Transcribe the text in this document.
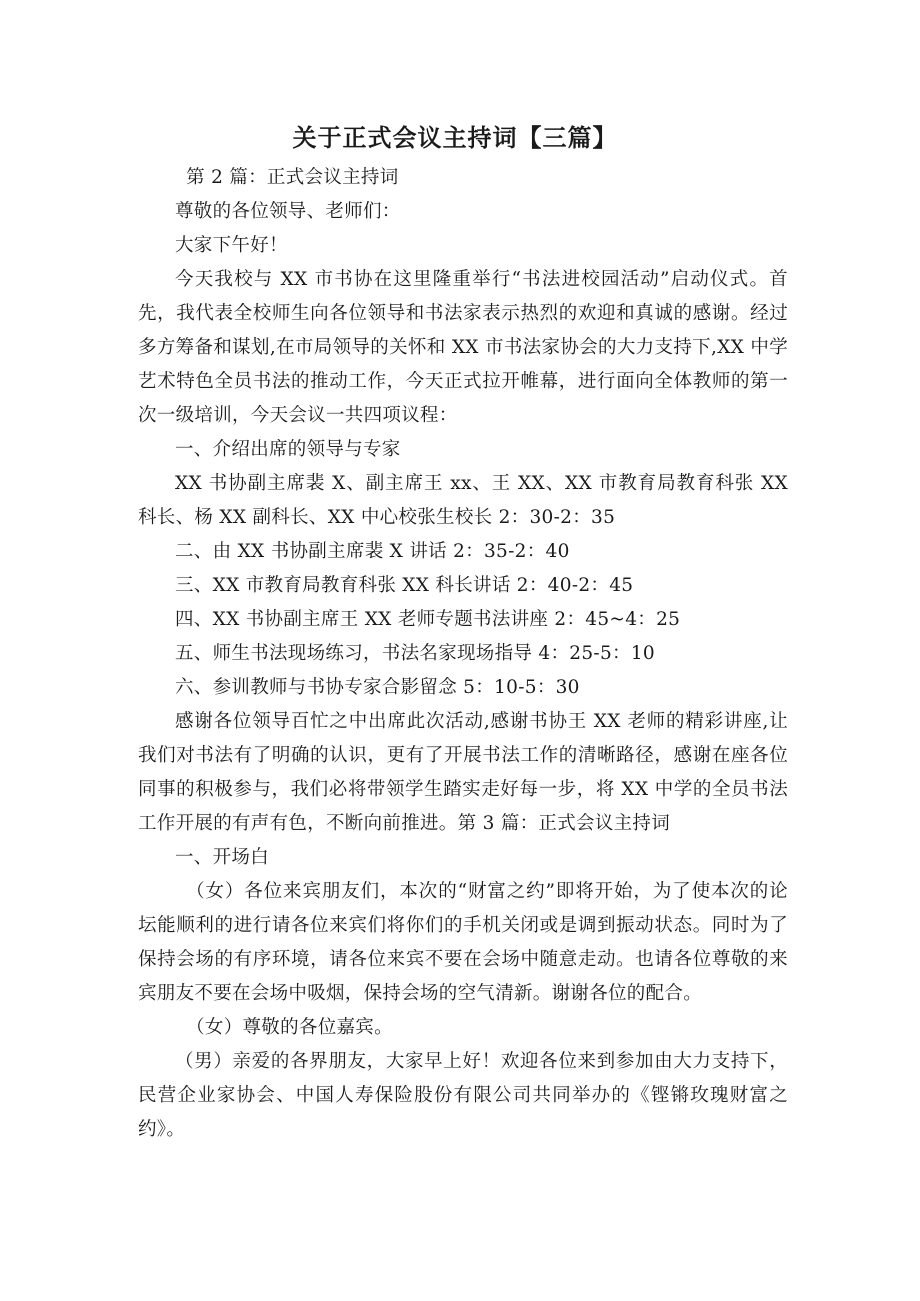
关于正式会议主持词【三篇】

第 2 篇：正式会议主持词

尊敬的各位领导、老师们：

大家下午好！

今天我校与 XX 市书协在这里隆重举行“书法进校园活动”启动仪式。首先，我代表全校师生向各位领导和书法家表示热烈的欢迎和真诚的感谢。经过多方筹备和谋划,在市局领导的关怀和 XX 市书法家协会的大力支持下,XX 中学艺术特色全员书法的推动工作，今天正式拉开帷幕，进行面向全体教师的第一次一级培训，今天会议一共四项议程：

一、介绍出席的领导与专家

XX 书协副主席裴 X、副主席王 xx、王 XX、XX 市教育局教育科张 XX 科长、杨 XX 副科长、XX 中心校张生校长 2：30-2：35

二、由 XX 书协副主席裴 X 讲话 2：35-2：40

三、XX 市教育局教育科张 XX 科长讲话 2：40-2：45

四、XX 书协副主席王 XX 老师专题书法讲座 2：45~4：25

五、师生书法现场练习，书法名家现场指导 4：25-5：10

六、参训教师与书协专家合影留念 5：10-5：30

感谢各位领导百忙之中出席此次活动,感谢书协王 XX 老师的精彩讲座,让我们对书法有了明确的认识，更有了开展书法工作的清晰路径，感谢在座各位同事的积极参与，我们必将带领学生踏实走好每一步，将 XX 中学的全员书法工作开展的有声有色，不断向前推进。第 3 篇：正式会议主持词

一、开场白

（女）各位来宾朋友们，本次的“财富之约”即将开始，为了使本次的论坛能顺利的进行请各位来宾们将你们的手机关闭或是调到振动状态。同时为了保持会场的有序环境，请各位来宾不要在会场中随意走动。也请各位尊敬的来宾朋友不要在会场中吸烟，保持会场的空气清新。谢谢各位的配合。

（女）尊敬的各位嘉宾。

（男）亲爱的各界朋友，大家早上好！欢迎各位来到参加由大力支持下，民营企业家协会、中国人寿保险股份有限公司共同举办的《铿锵玫瑰财富之约》。
